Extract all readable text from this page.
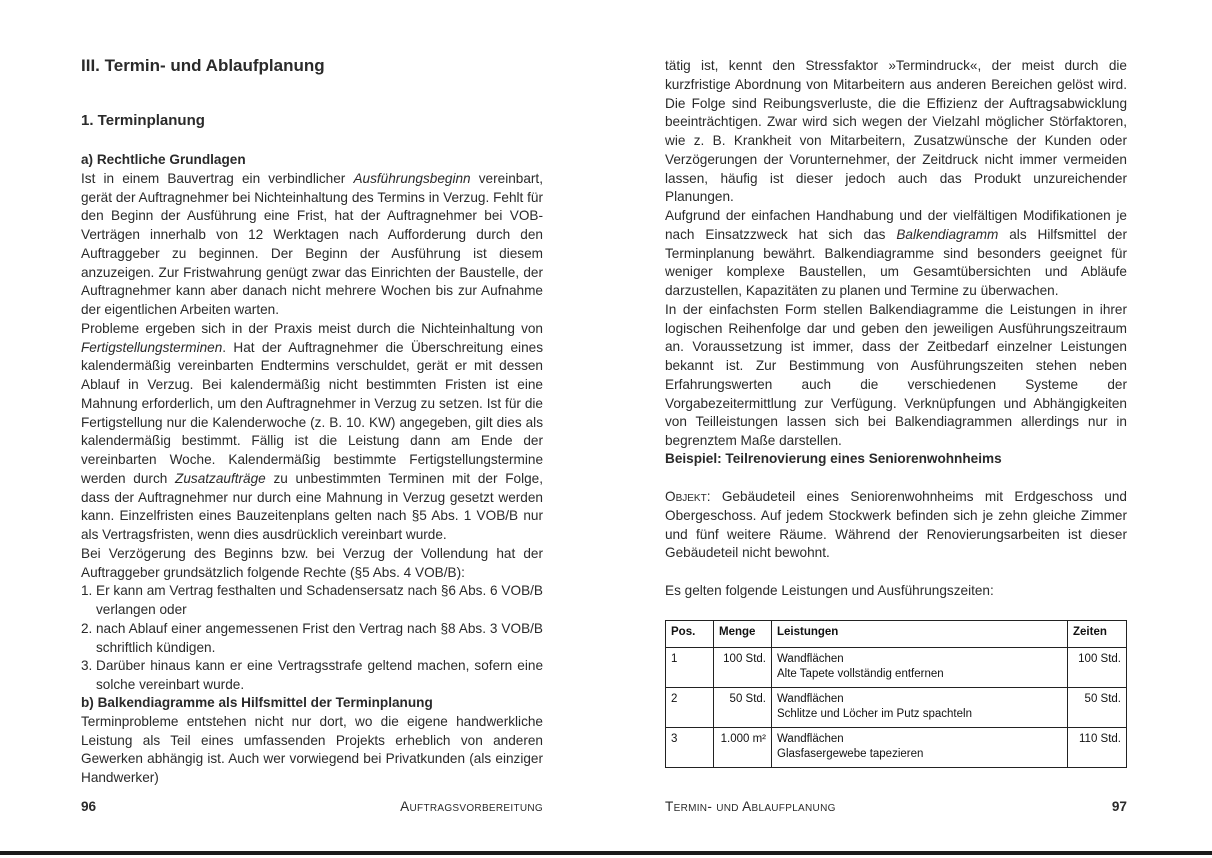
III. Termin- und Ablaufplanung
1. Terminplanung
a) Rechtliche Grundlagen

Ist in einem Bauvertrag ein verbindlicher Ausführungsbeginn vereinbart, gerät der Auftragnehmer bei Nichteinhaltung des Termins in Verzug. Fehlt für den Beginn der Ausführung eine Frist, hat der Auftragnehmer bei VOB-Verträgen innerhalb von 12 Werktagen nach Aufforderung durch den Auftraggeber zu beginnen. Der Beginn der Ausführung ist diesem anzuzeigen. Zur Fristwahrung genügt zwar das Einrichten der Baustelle, der Auftragnehmer kann aber danach nicht mehrere Wochen bis zur Aufnahme der eigentlichen Arbeiten warten.

Probleme ergeben sich in der Praxis meist durch die Nichteinhaltung von Fertigstellungsterminen. Hat der Auftragnehmer die Überschreitung eines kalendermäßig vereinbarten Endtermins verschuldet, gerät er mit dessen Ablauf in Verzug. Bei kalendermäßig nicht bestimmten Fristen ist eine Mahnung erforderlich, um den Auftragnehmer in Verzug zu setzen. Ist für die Fertigstellung nur die Kalenderwoche (z. B. 10. KW) angegeben, gilt dies als kalendermäßig bestimmt. Fällig ist die Leistung dann am Ende der vereinbarten Woche. Kalendermäßig bestimmte Fertigstellungstermine werden durch Zusatzaufträge zu unbestimmten Terminen mit der Folge, dass der Auftragnehmer nur durch eine Mahnung in Verzug gesetzt werden kann. Einzelfristen eines Bauzeitenplans gelten nach §5 Abs. 1 VOB/B nur als Vertragsfristen, wenn dies ausdrücklich vereinbart wurde.

Bei Verzögerung des Beginns bzw. bei Verzug der Vollendung hat der Auftraggeber grundsätzlich folgende Rechte (§5 Abs. 4 VOB/B):

1. Er kann am Vertrag festhalten und Schadensersatz nach §6 Abs. 6 VOB/B verlangen oder
2. nach Ablauf einer angemessenen Frist den Vertrag nach §8 Abs. 3 VOB/B schriftlich kündigen.
3. Darüber hinaus kann er eine Vertragsstrafe geltend machen, sofern eine solche vereinbart wurde.
b) Balkendiagramme als Hilfsmittel der Terminplanung

Terminprobleme entstehen nicht nur dort, wo die eigene handwerkliche Leistung als Teil eines umfassenden Projekts erheblich von anderen Gewerken abhängig ist. Auch wer vorwiegend bei Privatkunden (als einziger Handwerker)

96	Auftragsvorbereitung

tätig ist, kennt den Stressfaktor »Termindruck«, der meist durch die kurzfristige Abordnung von Mitarbeitern aus anderen Bereichen gelöst wird. Die Folge sind Reibungsverluste, die die Effizienz der Auftragsabwicklung beeinträchtigen. Zwar wird sich wegen der Vielzahl möglicher Störfaktoren, wie z. B. Krankheit von Mitarbeitern, Zusatzwünsche der Kunden oder Verzögerungen der Vorunternehmer, der Zeitdruck nicht immer vermeiden lassen, häufig ist dieser jedoch auch das Produkt unzureichender Planungen.

Aufgrund der einfachen Handhabung und der vielfältigen Modifikationen je nach Einsatzzweck hat sich das Balkendiagramm als Hilfsmittel der Terminplanung bewährt. Balkendiagramme sind besonders geeignet für weniger komplexe Baustellen, um Gesamtübersichten und Abläufe darzustellen, Kapazitäten zu planen und Termine zu überwachen.

In der einfachsten Form stellen Balkendiagramme die Leistungen in ihrer logischen Reihenfolge dar und geben den jeweiligen Ausführungszeitraum an. Voraussetzung ist immer, dass der Zeitbedarf einzelner Leistungen bekannt ist. Zur Bestimmung von Ausführungszeiten stehen neben Erfahrungswerten auch die verschiedenen Systeme der Vorgabezeitermittlung zur Verfügung. Verknüpfungen und Abhängigkeiten von Teilleistungen lassen sich bei Balkendiagrammen allerdings nur in begrenztem Maße darstellen.

Beispiel: Teilrenovierung eines Seniorenwohnheims

Objekt: Gebäudeteil eines Seniorenwohnheims mit Erdgeschoss und Obergeschoss. Auf jedem Stockwerk befinden sich je zehn gleiche Zimmer und fünf weitere Räume. Während der Renovierungsarbeiten ist dieser Gebäudeteil nicht bewohnt.

Es gelten folgende Leistungen und Ausführungszeiten:

Pos.	Menge	Leistungen	Zeiten
1	100 Std.	Wandflächen
Alte Tapete vollständig entfernen	100 Std.
2	50 Std.	Wandflächen
Schlitze und Löcher im Putz spachteln	50 Std.
3	1.000 m²	Wandflächen
Glasfasergewebe tapezieren	110 Std.
Termin- und Ablaufplanung	97
